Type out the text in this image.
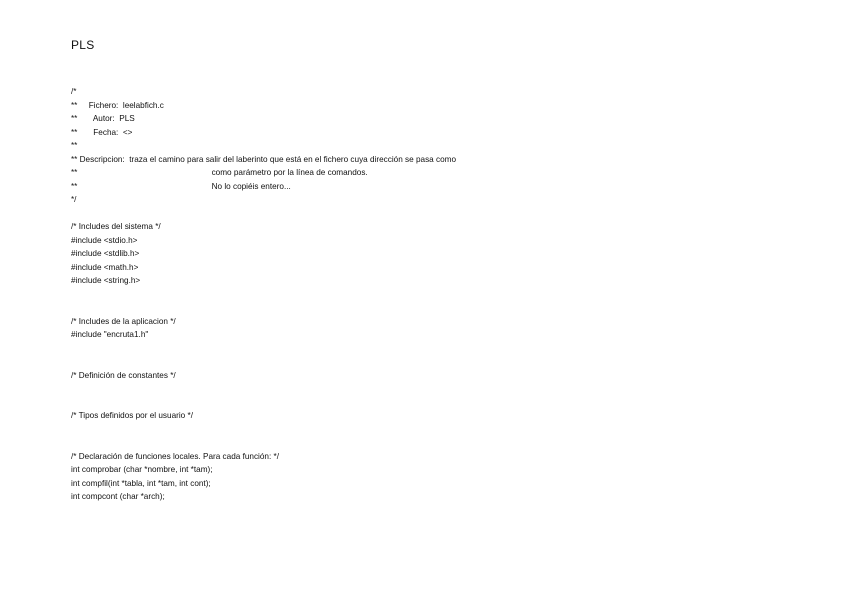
PLS
/*
**     Fichero:  leelabfich.c
**       Autor:  PLS
**       Fecha:  <>
**
** Descripcion:  traza el camino para salir del laberinto que está en el fichero cuya dirección se pasa como
**                                                           como parámetro por la línea de comandos.
**                                                           No lo copiéis entero...
*/
/* Includes del sistema */
#include <stdio.h>
#include <stdlib.h>
#include <math.h>
#include <string.h>
/* Includes de la aplicacion */
#include "encruta1.h"
/* Definición de constantes */
/* Tipos definidos por el usuario */
/* Declaración de funciones locales. Para cada función: */
int comprobar (char *nombre, int *tam);
int compfil(int *tabla, int *tam, int cont);
int compcont (char *arch);
